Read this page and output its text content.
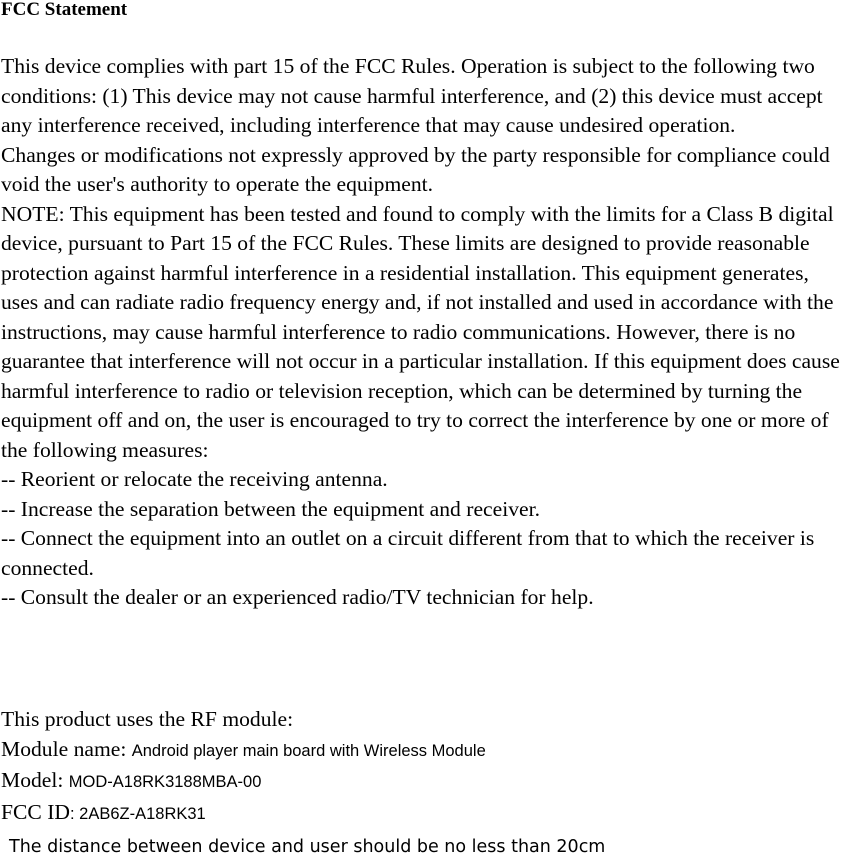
FCC Statement

This device complies with part 15 of the FCC Rules. Operation is subject to the following two conditions: (1) This device may not cause harmful interference, and (2) this device must accept any interference received, including interference that may cause undesired operation.

Changes or modifications not expressly approved by the party responsible for compliance could void the user's authority to operate the equipment.

NOTE: This equipment has been tested and found to comply with the limits for a Class B digital device, pursuant to Part 15 of the FCC Rules. These limits are designed to provide reasonable protection against harmful interference in a residential installation. This equipment generates, uses and can radiate radio frequency energy and, if not installed and used in accordance with the instructions, may cause harmful interference to radio communications. However, there is no guarantee that interference will not occur in a particular installation. If this equipment does cause harmful interference to radio or television reception, which can be determined by turning the equipment off and on, the user is encouraged to try to correct the interference by one or more of the following measures:

-- Reorient or relocate the receiving antenna.

-- Increase the separation between the equipment and receiver.

-- Connect the equipment into an outlet on a circuit different from that to which the receiver is connected.

-- Consult the dealer or an experienced radio/TV technician for help.

This product uses the RF module:

Module name: Android player main board with Wireless Module

Model: MOD-A18RK3188MBA-00

FCC ID: 2AB6Z-A18RK31

The distance between device and user should be no less than 20cm
